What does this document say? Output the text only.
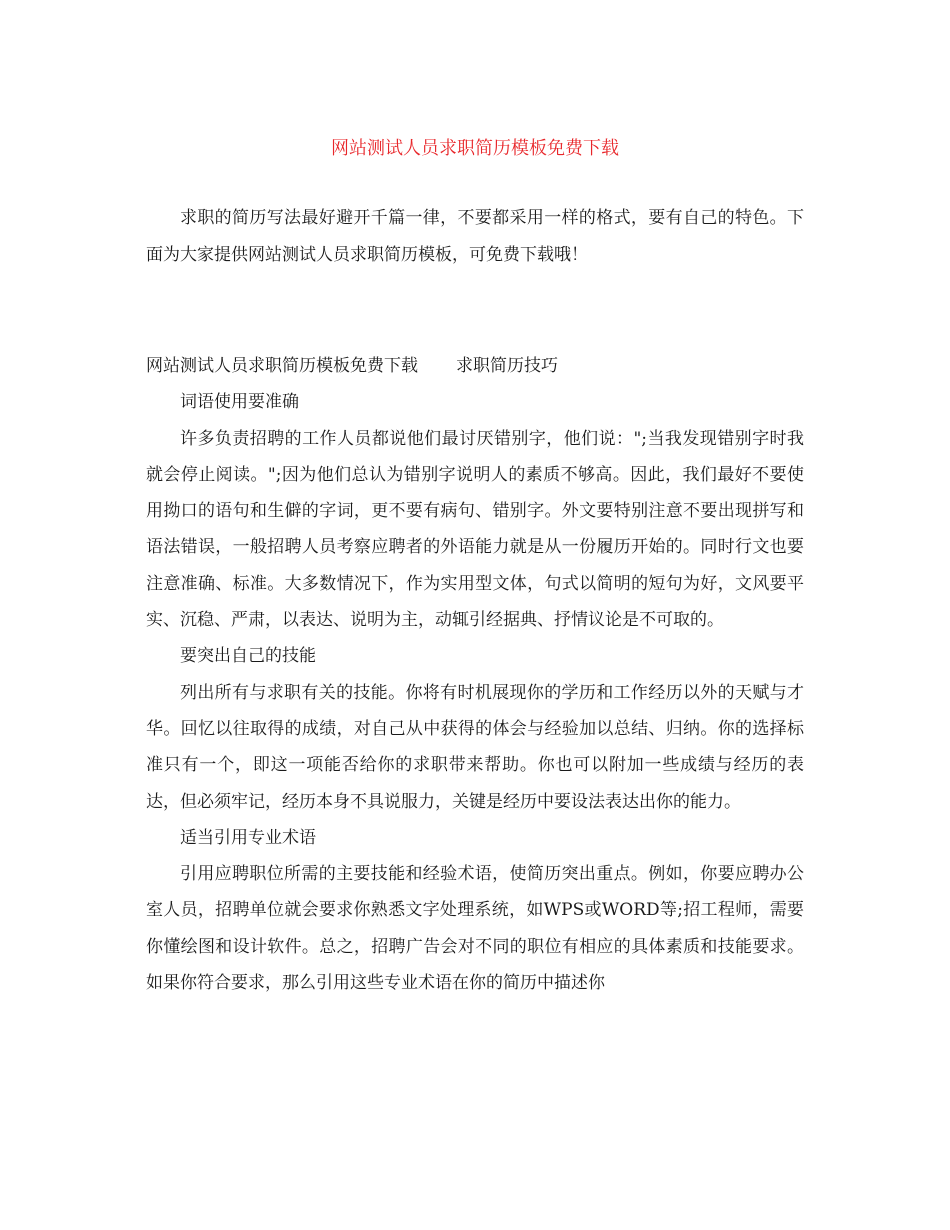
网站测试人员求职简历模板免费下载

求职的简历写法最好避开千篇一律，不要都采用一样的格式，要有自己的特色。下面为大家提供网站测试人员求职简历模板，可免费下载哦！

网站测试人员求职简历模板免费下载 求职简历技巧

词语使用要准确

许多负责招聘的工作人员都说他们最讨厌错别字，他们说：";当我发现错别字时我就会停止阅读。";因为他们总认为错别字说明人的素质不够高。因此，我们最好不要使用拗口的语句和生僻的字词，更不要有病句、错别字。外文要特别注意不要出现拼写和语法错误，一般招聘人员考察应聘者的外语能力就是从一份履历开始的。同时行文也要注意准确、标准。大多数情况下，作为实用型文体，句式以简明的短句为好，文风要平实、沉稳、严肃，以表达、说明为主，动辄引经据典、抒情议论是不可取的。

要突出自己的技能

列出所有与求职有关的技能。你将有时机展现你的学历和工作经历以外的天赋与才华。回忆以往取得的成绩，对自己从中获得的体会与经验加以总结、归纳。你的选择标准只有一个，即这一项能否给你的求职带来帮助。你也可以附加一些成绩与经历的表达，但必须牢记，经历本身不具说服力，关键是经历中要设法表达出你的能力。

适当引用专业术语

引用应聘职位所需的主要技能和经验术语，使简历突出重点。例如，你要应聘办公室人员，招聘单位就会要求你熟悉文字处理系统，如WPS或WORD等;招工程师，需要你懂绘图和设计软件。总之，招聘广告会对不同的职位有相应的具体素质和技能要求。如果你符合要求，那么引用这些专业术语在你的简历中描述你
